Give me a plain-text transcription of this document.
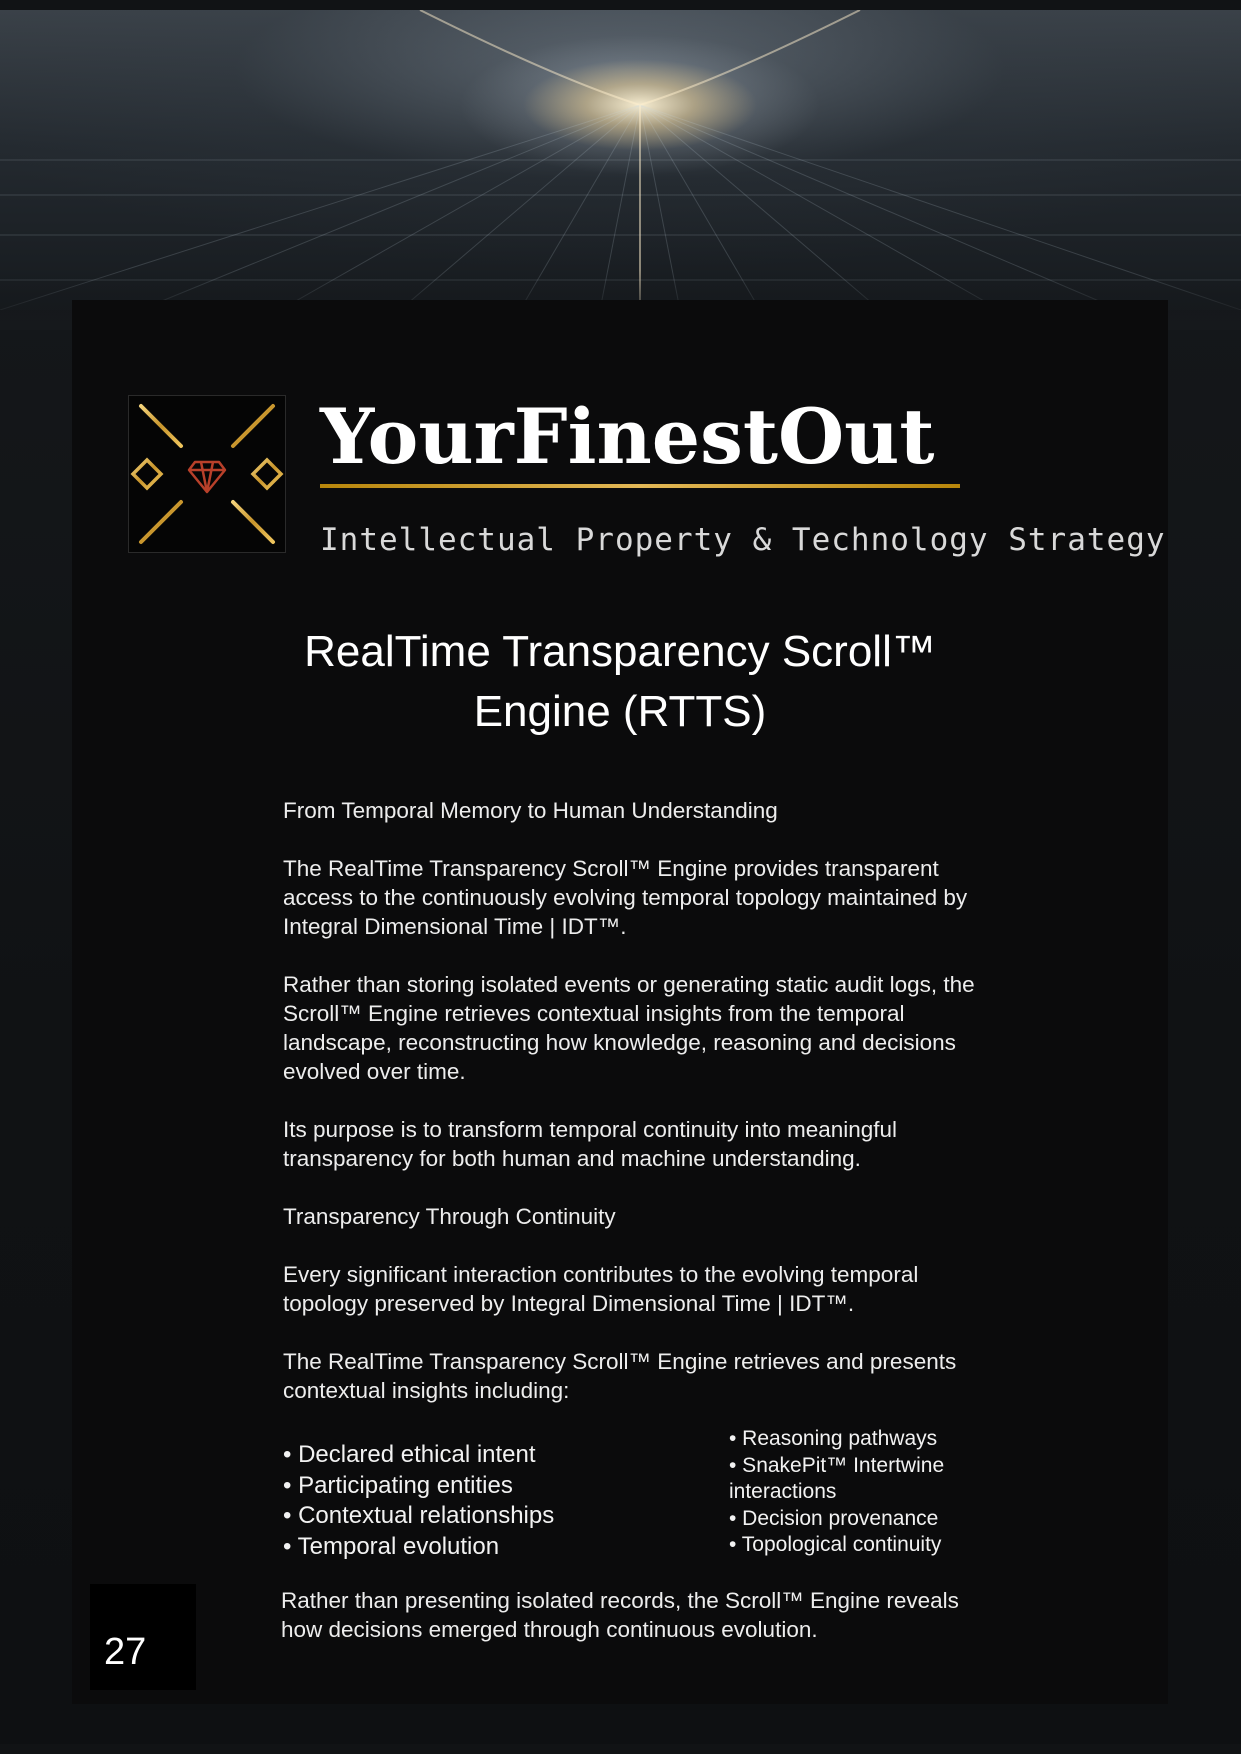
YourFinestOut
Intellectual Property & Technology Strategy
RealTime Transparency Scroll™
Engine (RTTS)

From Temporal Memory to Human Understanding

The RealTime Transparency Scroll™ Engine provides transparent access to the continuously evolving temporal topology maintained by Integral Dimensional Time | IDT™.

Rather than storing isolated events or generating static audit logs, the Scroll™ Engine retrieves contextual insights from the temporal landscape, reconstructing how knowledge, reasoning and decisions evolved over time.

Its purpose is to transform temporal continuity into meaningful transparency for both human and machine understanding.

Transparency Through Continuity

Every significant interaction contributes to the evolving temporal topology preserved by Integral Dimensional Time | IDT™.

The RealTime Transparency Scroll™ Engine retrieves and presents contextual insights including:

• Declared ethical intent
• Participating entities
• Contextual relationships
• Temporal evolution
• Reasoning pathways
• SnakePit™ Intertwine interactions
• Decision provenance
• Topological continuity

Rather than presenting isolated records, the Scroll™ Engine reveals how decisions emerged through continuous evolution.

27
